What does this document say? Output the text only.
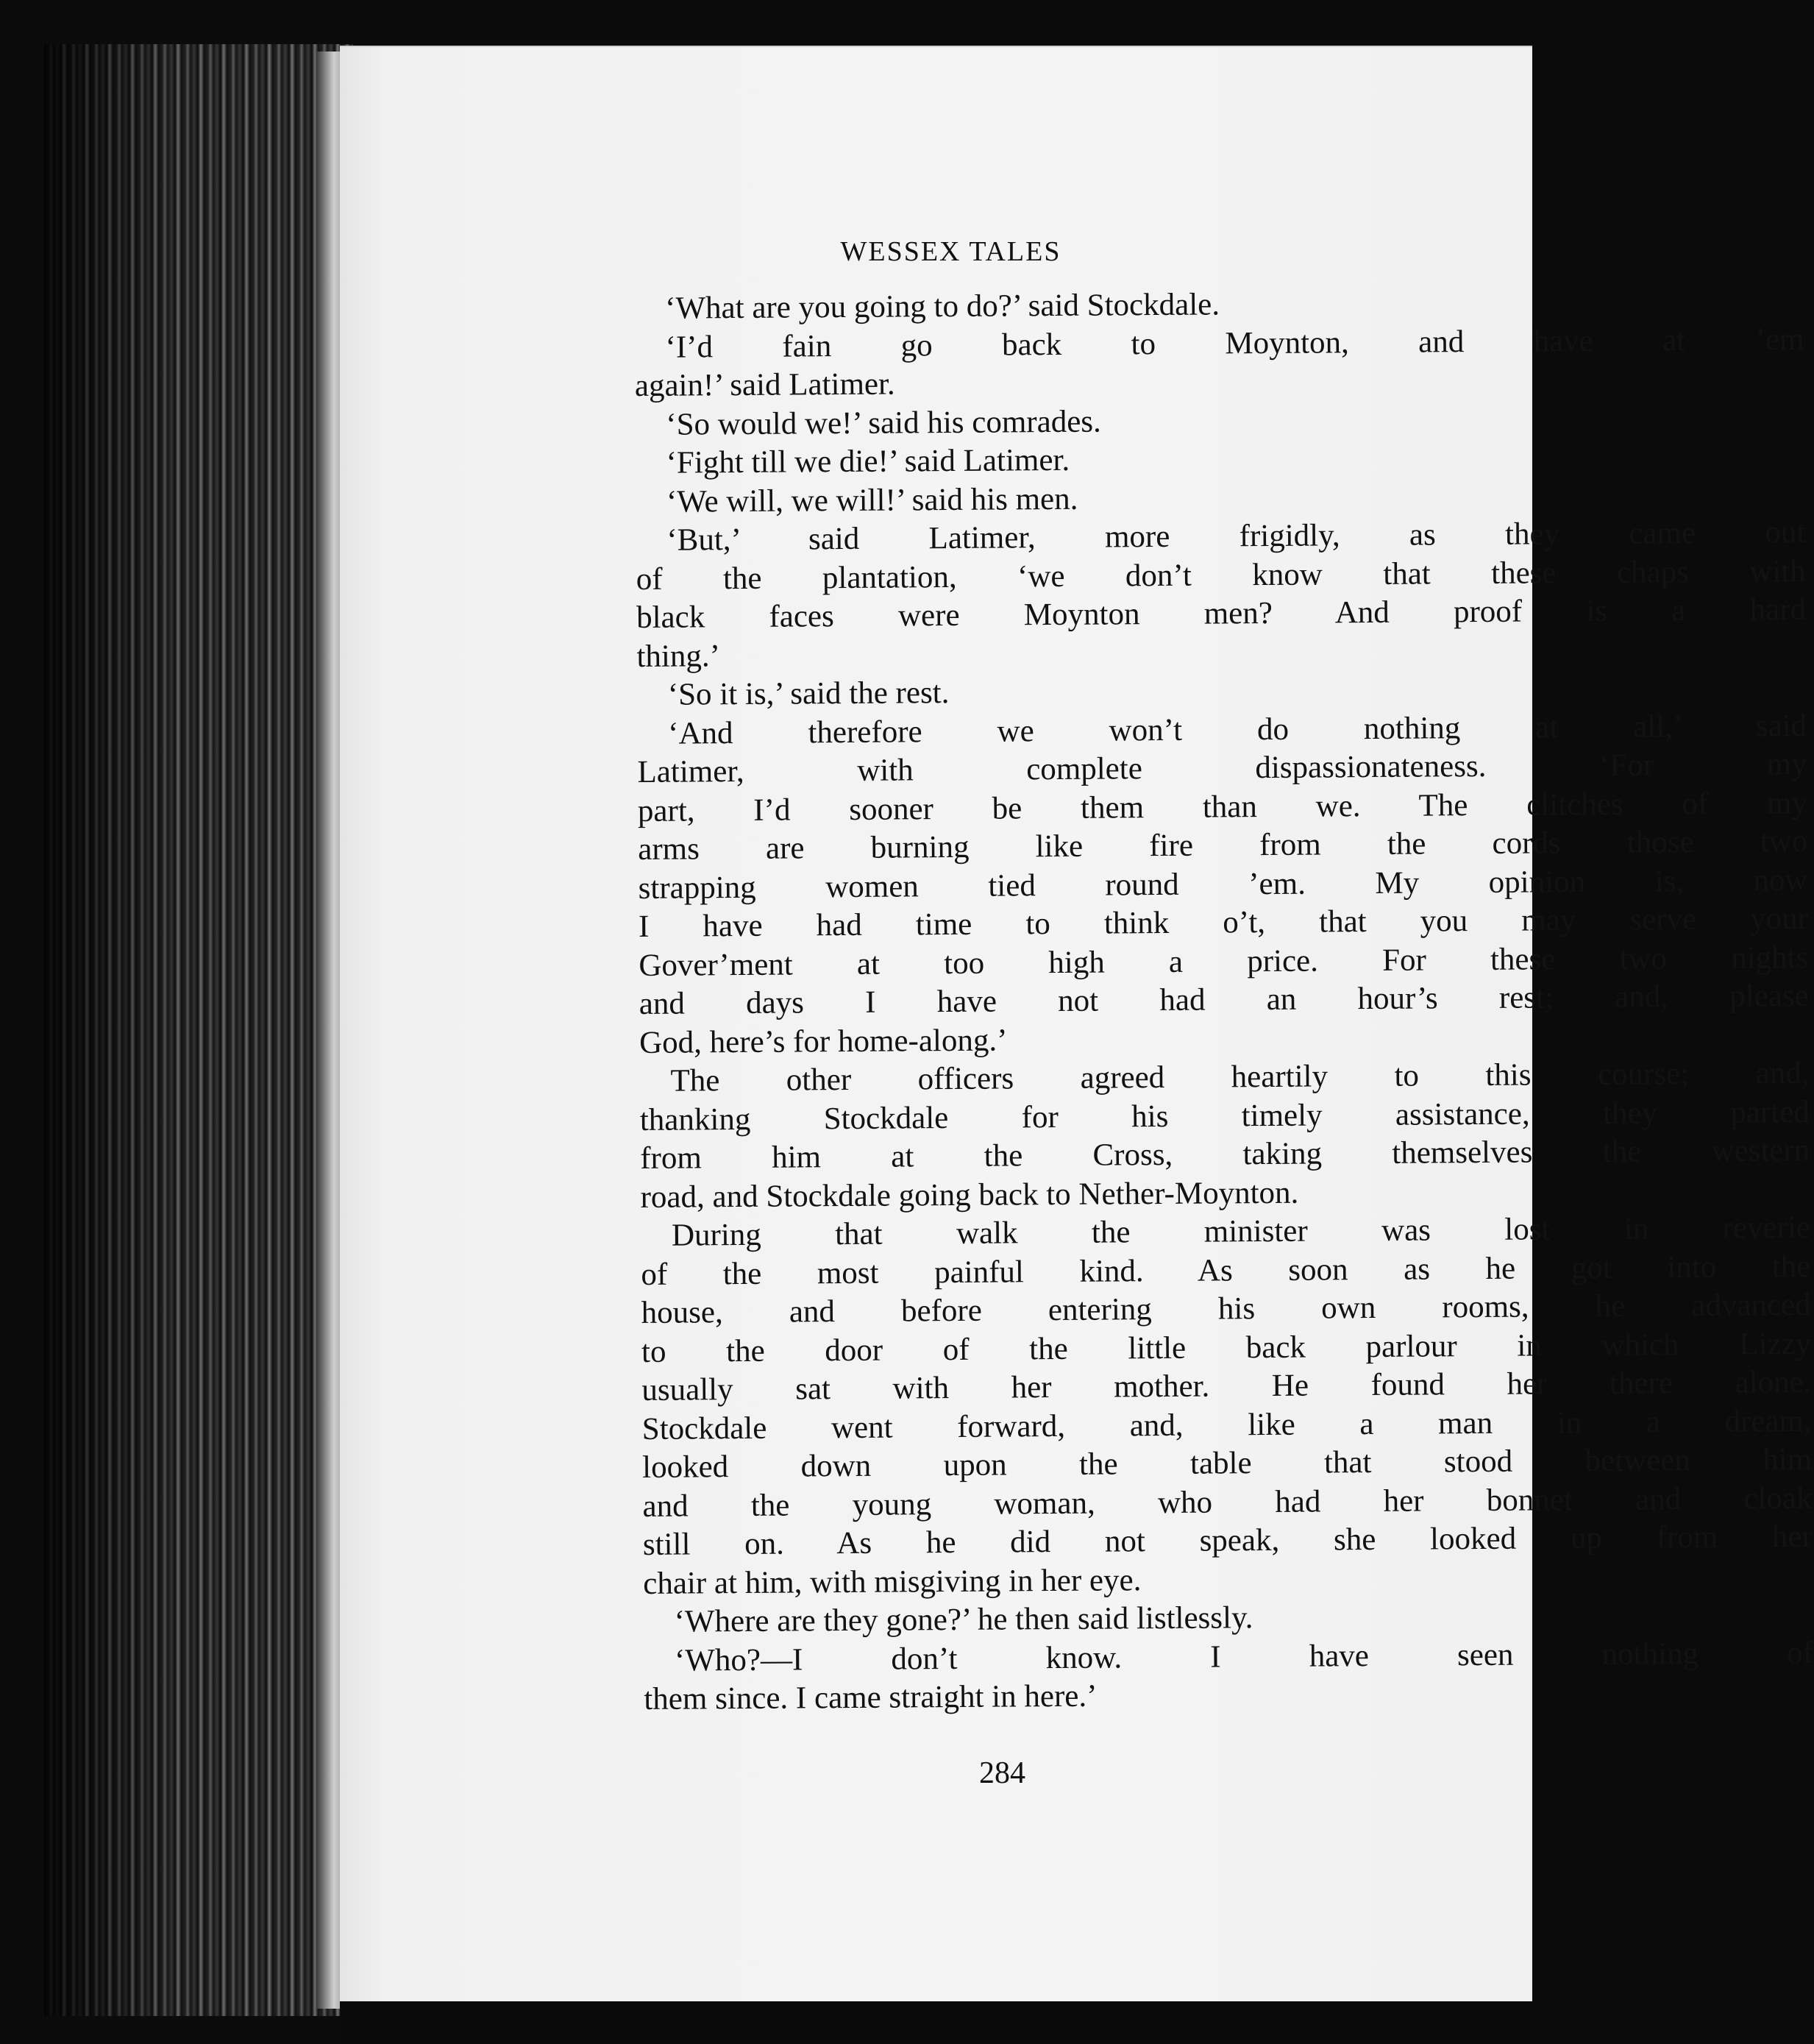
WESSEX TALES

‘What are you going to do?’ said Stockdale.

‘I’d fain go back to Moynton, and have at ’em
again!’ said Latimer.

‘So would we!’ said his comrades.

‘Fight till we die!’ said Latimer.

‘We will, we will!’ said his men.

‘But,’ said Latimer, more frigidly, as they came out
of the plantation, ‘we don’t know that these chaps with
black faces were Moynton men? And proof is a hard
thing.’

‘So it is,’ said the rest.

‘And therefore we won’t do nothing at all,’ said
Latimer, with complete dispassionateness. ‘For my
part, I’d sooner be them than we. The clitches of my
arms are burning like fire from the cords those two
strapping women tied round ’em. My opinion is, now
I have had time to think o’t, that you may serve your
Gover’ment at too high a price. For these two nights
and days I have not had an hour’s rest; and, please
God, here’s for home-along.’

The other officers agreed heartily to this course; and,
thanking Stockdale for his timely assistance, they parted
from him at the Cross, taking themselves the western
road, and Stockdale going back to Nether-Moynton.

During that walk the minister was lost in reverie
of the most painful kind. As soon as he got into the
house, and before entering his own rooms, he advanced
to the door of the little back parlour in which Lizzy
usually sat with her mother. He found her there alone.
Stockdale went forward, and, like a man in a dream,
looked down upon the table that stood between him
and the young woman, who had her bonnet and cloak
still on. As he did not speak, she looked up from her
chair at him, with misgiving in her eye.

‘Where are they gone?’ he then said listlessly.

‘Who?—I don’t know. I have seen nothing of
them since. I came straight in here.’

284
